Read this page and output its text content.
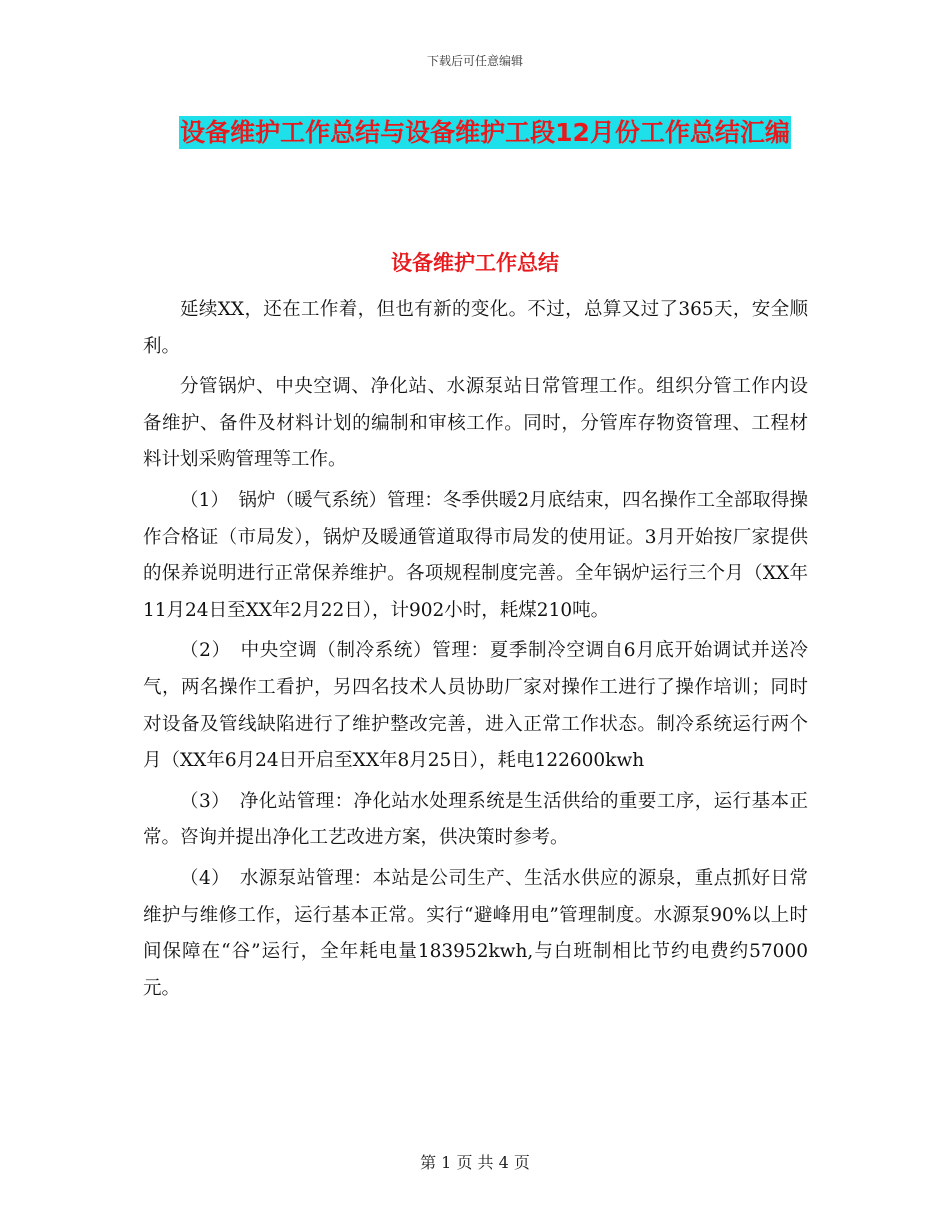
下载后可任意编辑
设备维护工作总结与设备维护工段12月份工作总结汇编
设备维护工作总结

延续XX，还在工作着，但也有新的变化。不过，总算又过了365天，安全顺利。

分管锅炉、中央空调、净化站、水源泵站日常管理工作。组织分管工作内设备维护、备件及材料计划的编制和审核工作。同时，分管库存物资管理、工程材料计划采购管理等工作。

（1）　锅炉（暖气系统）管理：冬季供暖2月底结束，四名操作工全部取得操作合格证（市局发），锅炉及暖通管道取得市局发的使用证。3月开始按厂家提供的保养说明进行正常保养维护。各项规程制度完善。全年锅炉运行三个月（XX年11月24日至XX年2月22日），计902小时，耗煤210吨。

（2）　中央空调（制冷系统）管理：夏季制冷空调自6月底开始调试并送冷气，两名操作工看护，另四名技术人员协助厂家对操作工进行了操作培训；同时对设备及管线缺陷进行了维护整改完善，进入正常工作状态。制冷系统运行两个月（XX年6月24日开启至XX年8月25日），耗电122600kwh

（3）　净化站管理：净化站水处理系统是生活供给的重要工序，运行基本正常。咨询并提出净化工艺改进方案，供决策时参考。

（4）　水源泵站管理：本站是公司生产、生活水供应的源泉，重点抓好日常维护与维修工作，运行基本正常。实行“避峰用电”管理制度。水源泵90%以上时间保障在“谷”运行，全年耗电量183952kwh,与白班制相比节约电费约57000元。

第 1 页 共 4 页
